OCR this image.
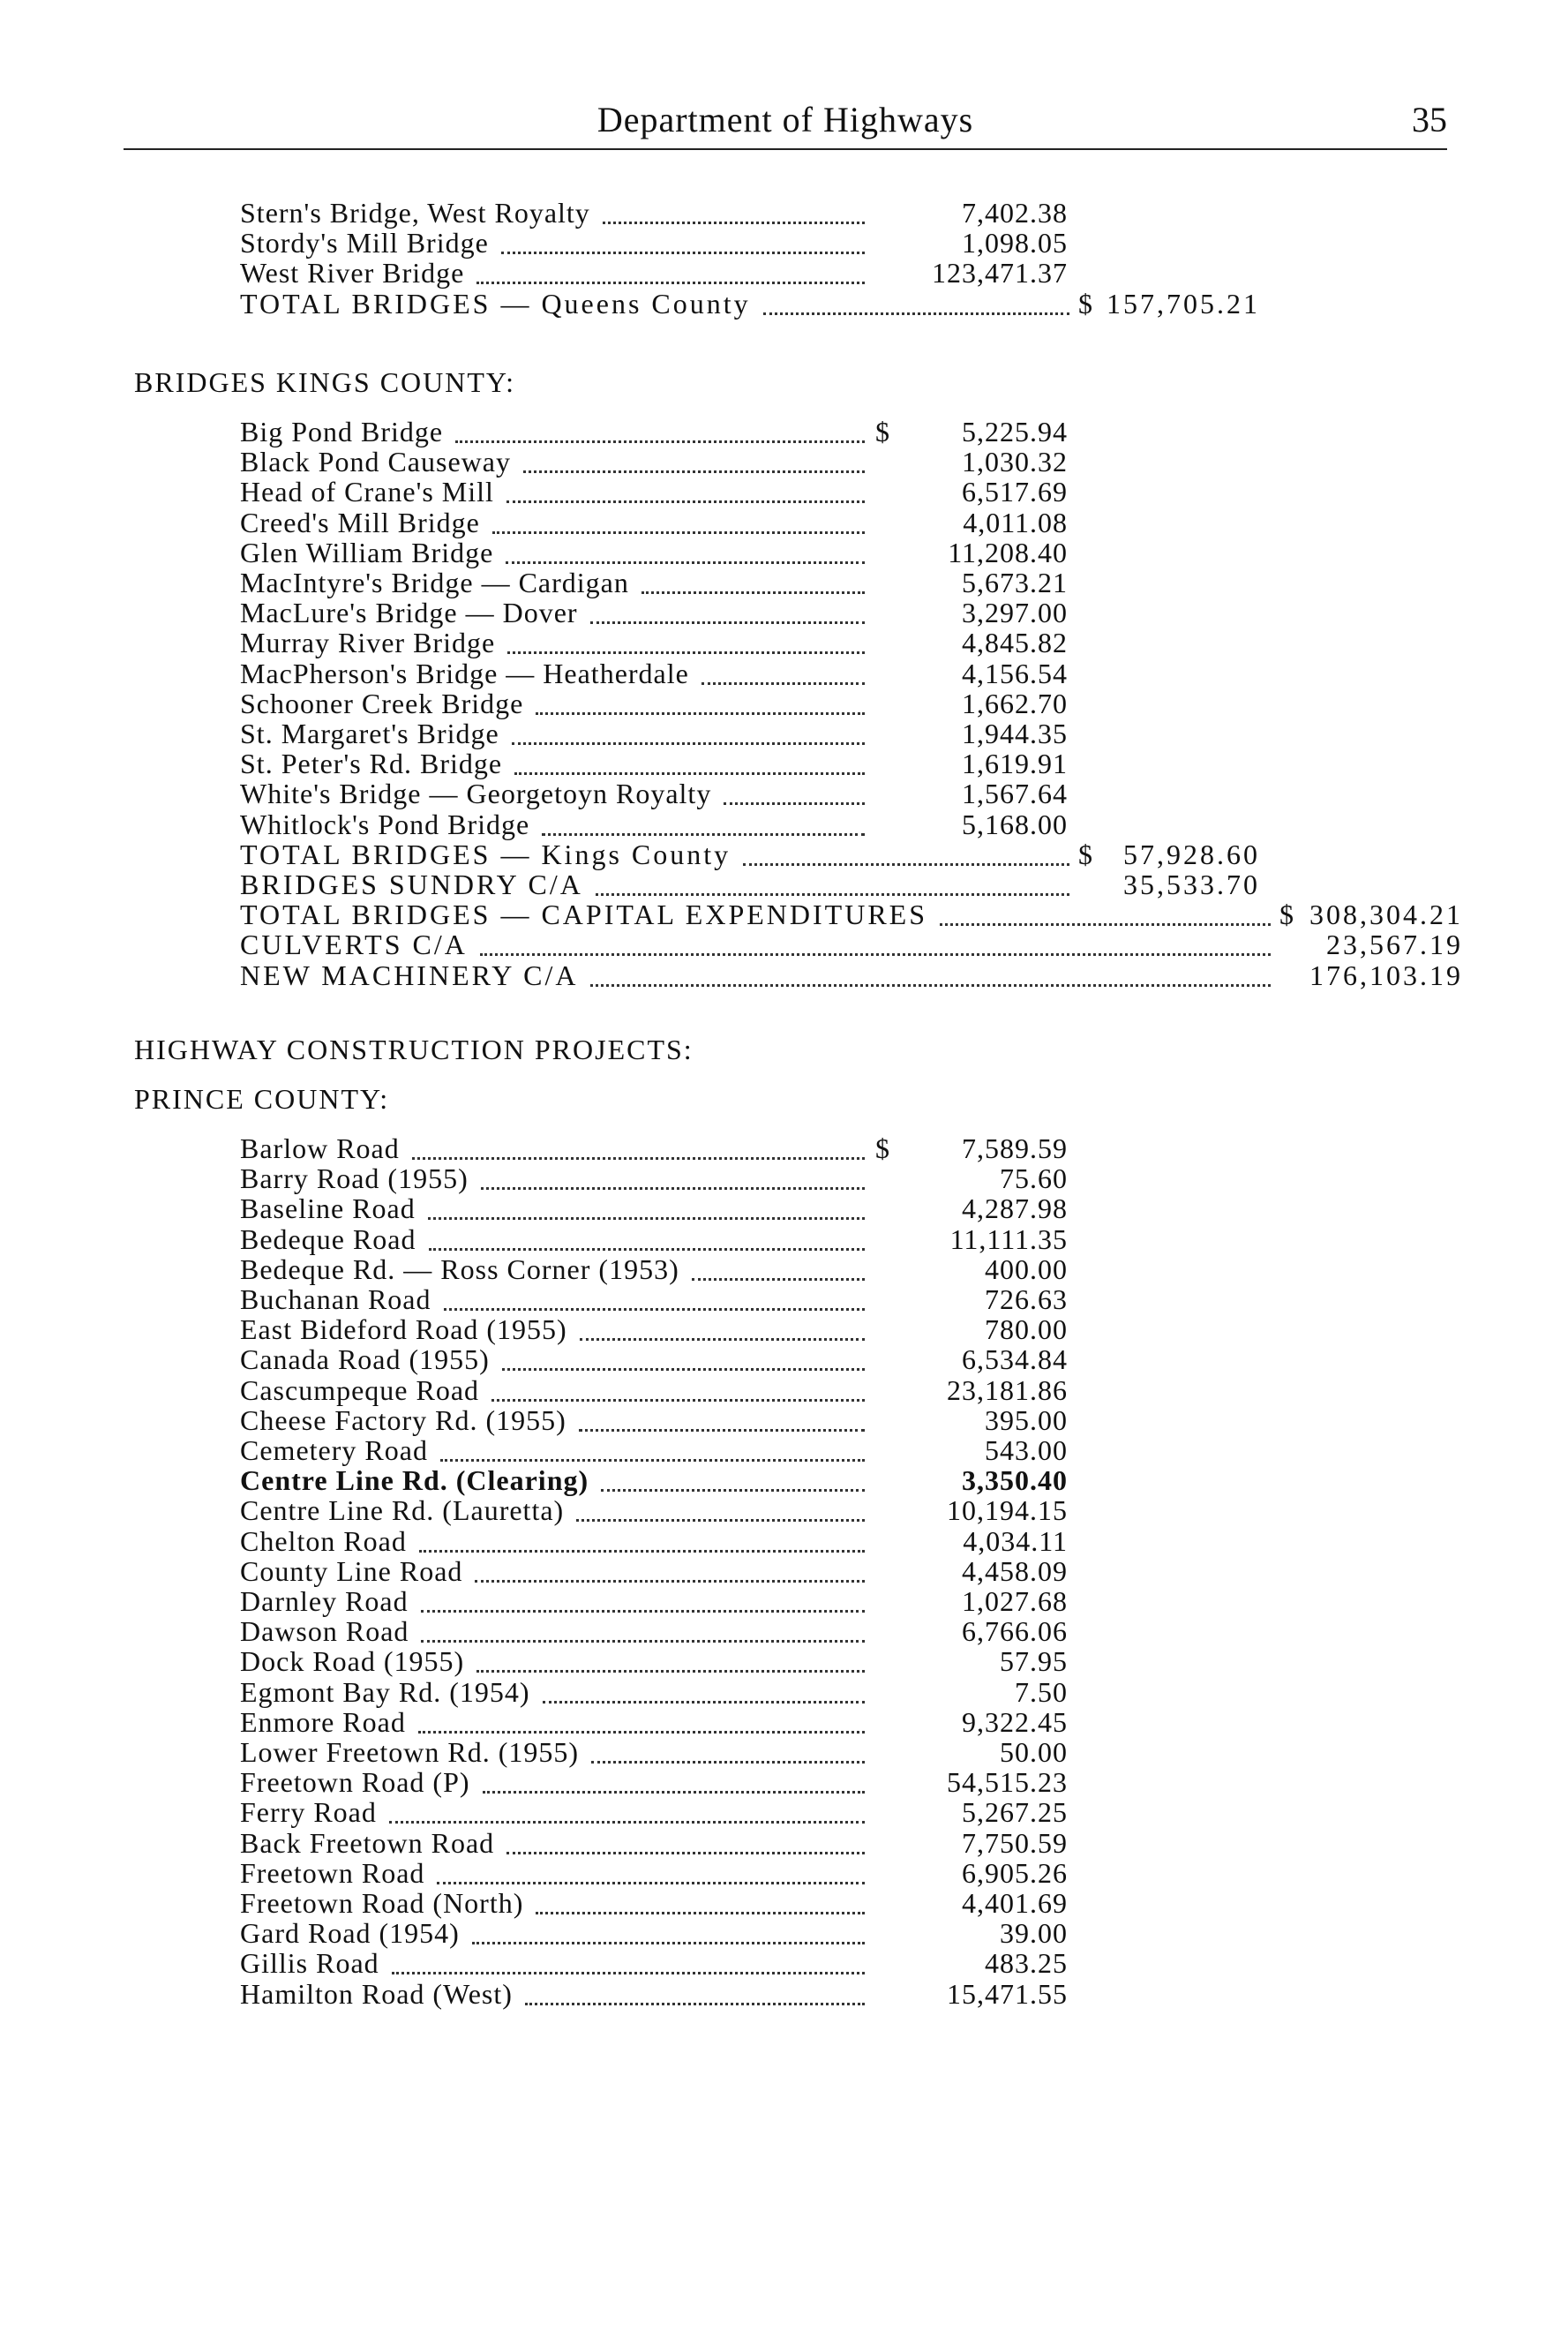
Department of Highways	35
Stern's Bridge, West Royalty	7,402.38
Stordy's Mill Bridge	1,098.05
West River Bridge	123,471.37
TOTAL BRIDGES — Queens County	$ 157,705.21
BRIDGES KINGS COUNTY:
Big Pond Bridge	$	5,225.94
Black Pond Causeway	1,030.32
Head of Crane's Mill	6,517.69
Creed's Mill Bridge	4,011.08
Glen William Bridge	11,208.40
MacIntyre's Bridge — Cardigan	5,673.21
MacLure's Bridge — Dover	3,297.00
Murray River Bridge	4,845.82
MacPherson's Bridge — Heatherdale	4,156.54
Schooner Creek Bridge	1,662.70
St. Margaret's Bridge	1,944.35
St. Peter's Rd. Bridge	1,619.91
White's Bridge — Georgetoyn Royalty	1,567.64
Whitlock's Pond Bridge	5,168.00
TOTAL BRIDGES — Kings County	$ 57,928.60
BRIDGES SUNDRY C/A	35,533.70
TOTAL BRIDGES — CAPITAL EXPENDITURES	$ 308,304.21
CULVERTS C/A	23,567.19
NEW MACHINERY C/A	176,103.19
HIGHWAY CONSTRUCTION PROJECTS:
PRINCE COUNTY:
Barlow Road	$	7,589.59
Barry Road (1955)	75.60
Baseline Road	4,287.98
Bedeque Road	11,111.35
Bedeque Rd. — Ross Corner (1953)	400.00
Buchanan Road	726.63
East Bideford Road (1955)	780.00
Canada Road (1955)	6,534.84
Cascumpeque Road	23,181.86
Cheese Factory Rd. (1955)	395.00
Cemetery Road	543.00
Centre Line Rd. (Clearing)	3,350.40
Centre Line Rd. (Lauretta)	10,194.15
Chelton Road	4,034.11
County Line Road	4,458.09
Darnley Road	1,027.68
Dawson Road	6,766.06
Dock Road (1955)	57.95
Egmont Bay Rd. (1954)	7.50
Enmore Road	9,322.45
Lower Freetown Rd. (1955)	50.00
Freetown Road (P)	54,515.23
Ferry Road	5,267.25
Back Freetown Road	7,750.59
Freetown Road	6,905.26
Freetown Road (North)	4,401.69
Gard Road (1954)	39.00
Gillis Road	483.25
Hamilton Road (West)	15,471.55
